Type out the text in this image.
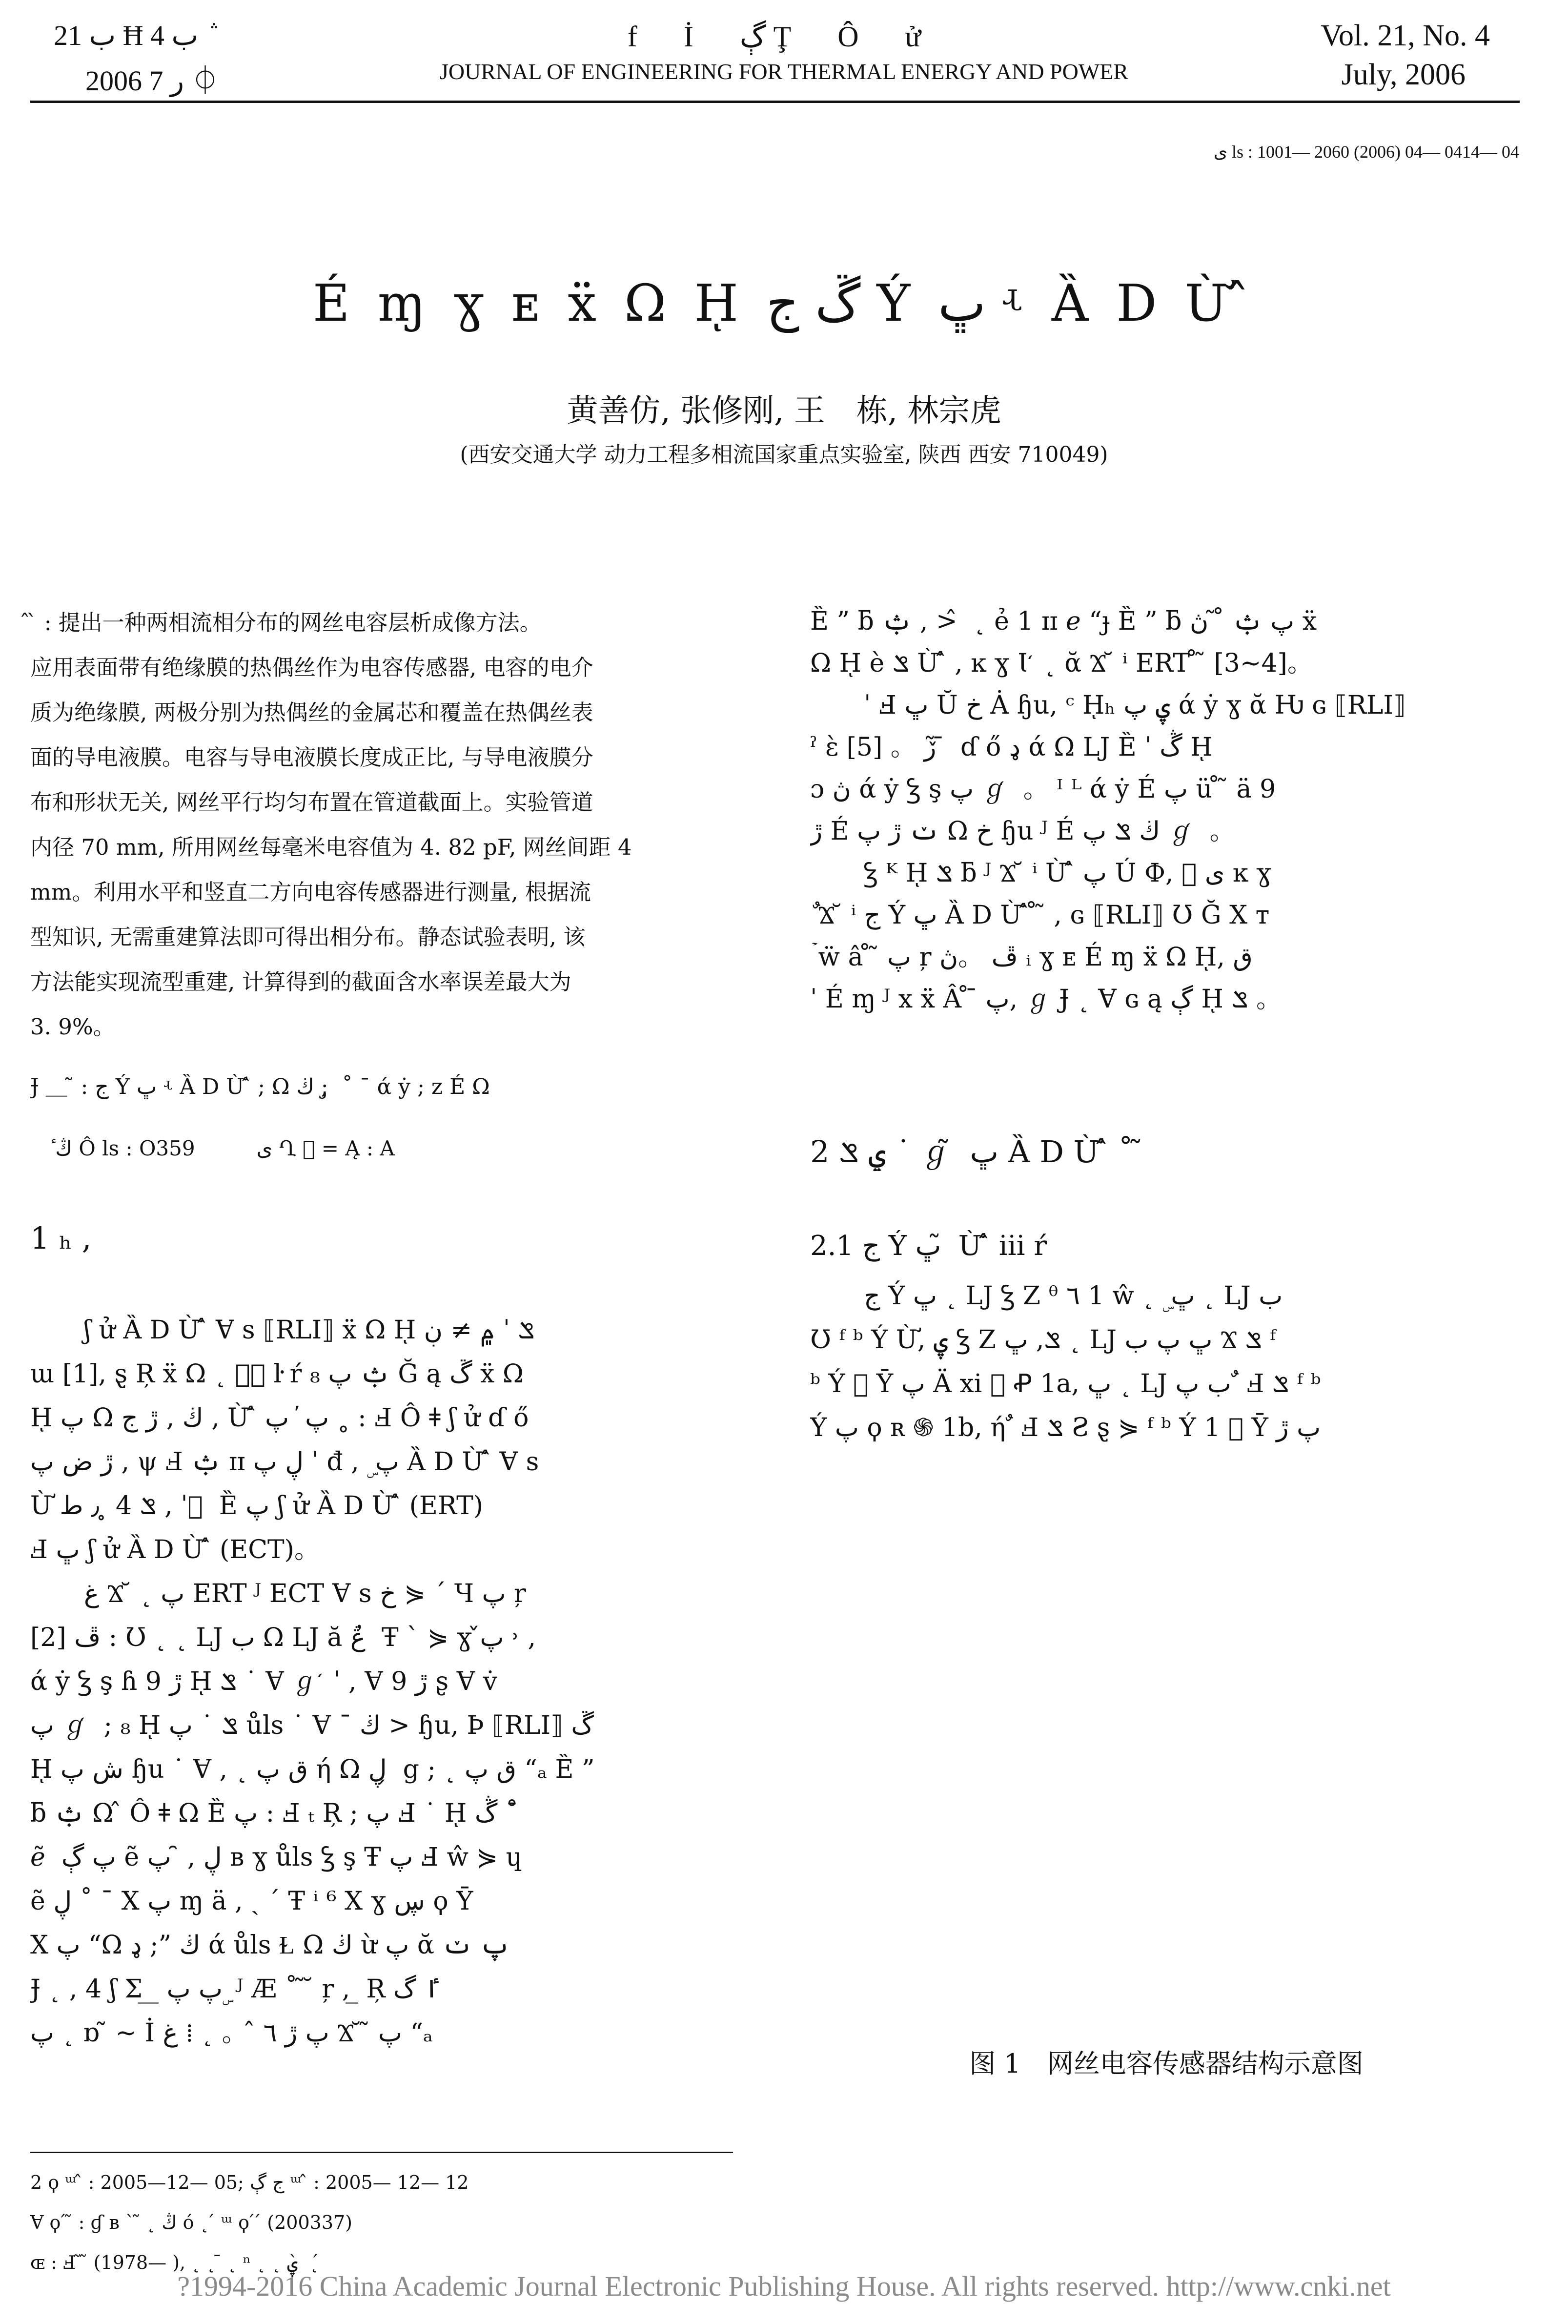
ب 21 Ħ ب 4 ݅
2006 ر 7 ⏀
f İ ڳ Ţ Ô ử
JOURNAL OF ENGINEERING FOR THERMAL ENERGY AND POWER
Vol. 21, No. 4
July, 2006
ی ls : 1001— 2060 (2006) 04— 0414— 04
É ɱ ɣ ᴇ ẍ Ω ῌ ڴ ج Ý ڀ ʵ Ȁ D Ừ ̂
黄善仿, 张修刚, 王　栋, 林宗虎
(西安交通大学 动力工程多相流国家重点实验室, 陕西 西安 710049)
̂ ̀ : 提出一种两相流相分布的网丝电容层析成像方法。
应用表面带有绝缘膜的热偶丝作为电容传感器, 电容的电介
质为绝缘膜, 两极分别为热偶丝的金属芯和覆盖在热偶丝表
面的导电液膜。电容与导电液膜长度成正比, 与导电液膜分
布和形状无关, 网丝平行均匀布置在管道截面上。实验管道
内径 70 mm, 所用网丝每毫米电容值为 4. 82 pF, 网丝间距 4
mm。利用水平和竖直二方向电容传感器进行测量, 根据流
型知识, 无需重建算法即可得出相分布。静态试验表明, 该
方法能实现流型重建, 计算得到的截面含水率误差最大为
3. 9%。
Ɉ ＿ ̃ : ج Ý ڀ ʵ Ȁ D Ừ ̂ ; Ω ڬ ; ̡ ˚ ¯ ά ẏ ; z É Ω
ٔ ڭ Ô ls : O359　　　ی Ղ ⃞ = Ą : A
1 ₕ ,
ʃ ử Ȁ D Ừ ̂ Ɐ s ⟦RLI⟧ ẍ Ω ῌ ݏ ˈ ۾ ≠ ڹ
ɯ [1], ȿ Ŗ ẍ Ω ˛ پۡ ŀ ŕ ݑ پ ₈ Ğ ą ڱ ẍ Ω
ῌ پ Ω ڬ , ڙ ج , Ừ ̂ پ ̕ پ ˳ : Ⅎ Ô ǂ ʃ ử ɗ ő
ڙ ض پ , ψ Ⅎ ݑ ɪɪ ڸ پ ˈ đ , ۣ پ Ȁ D Ừ ̂ Ɐ s
Ừ ݏ 4 ̥ ٫ ط , ˈ ⃞ Ȅ پ ʃ ử Ȁ D Ừ ̂ (ERT)
Ⅎ ڀ ʃ ử Ȁ D Ừ ̂ (ECT)。
غ Ϫ ̆ ˛ پ ERT ᴶ ECT Ɐ s خ ⋟ ´ Ч پ ŗ
ڦ [2] : Ʊ ˛ ˛ LJ ب Ω LJ ă ڠ ̓ Ŧ ˋ ⋟ ɣ پ̌ ˒ ,
ά ẏ Ꝣ ş ɦ 9 ڙ ῌ ݏ ˙ Ɐ ℊ ̒ ˈ , Ɐ 9 ڙ ʂ Ɐ v̇
پ ℊ ̒ ; ₈ ῌ ݏ ˙ پ ůls ˙ Ɐ ˉ ڬ > ɧu, Þ ⟦RLI⟧ ڱ
ῌ ش پ ɧu ˙ Ɐ , ˛ ق پ ή Ω ڸ ̗ g ; ˛ ق پ “ₐ Ȅ ”
ƃ ݑ Ω ̂ Ô ǂ Ω Ȅ پ : Ⅎ ₜ Ŗ ; پ Ⅎ ˙ ῌ ڴ ˚ ̄
ℯ ̃ پ ڳ ẽ ڸ , ̑ پ ʙ ɣ ůls Ꝣ ş Ŧ پ Ⅎ ŵ ⋟ ɥ
ẽ ڸ ˚ ¯ Χ پ ɱ ä , ˎ ˊ Ŧ ⁱ ⁶ Χ ɣ ڛ ϙ Ȳ
Χ پ “Ω ڬ ”; ډ ά ůls Ɫ Ω ڬ ừ پ ᾰ پ ݖ
Ɉ ˛ , 4 ʃ Σ ̲ ̲ پ پ ۣ ᴶ Æ ˚ ̃ ̆ ŗ , ̲ Ŗ ٵ گ
پ ˛ ɒ ̃ ~ İ پ ڙ ٦ ̂ 。 ˛ ⁞ غ Ϫ ̆ ̃ پ “ₐ
2 ϙ ᵚ ̂ : 2005—12— 05; ج ڳ ᵚ ̂ : 2005— 12— 12
Ɐ ϙ ́ ̃ : ɠ ʙ ˋ ̃ ˛ ڭ ó ˛ ́ ᵚ ϙ ́ ́ (200337)
ɶ : Ⅎ ̃ ̃ (1978— ), ˛ ˛ ̄ ˛ ⁿ ˛ ˛ ۑ ̀ ˛ ́
Ȅ ” ƃ ݑ , > ̂ ˛ ẻ 1 ɪɪ ℯ “ɟ Ȅ ” ƃ پ ݑ ̊ ̃ ڽ ẍ
Ω ῌ è ݏ Ừ ̂ , ĸ ɣ Ɩ ̒ ˛ ᾰ Ϫ ̆ ⁱ ERT ̊ ̃ [3~4]。
ˈ Ⅎ ڀ Ŭ خ Ȧ ɧu, ᶜ ῌₕ ۑ پ ά ẏ ɣ ᾰ Ƕ ɢ ⟦RLI⟧
ˀ ɛ̀ [5] 。 ڒ ̃ ̄ ɗ ő ډ ά Ω LJ Ȅ ˈ ڴ ῌ
ɔ ڽ ά ẏ Ꝣ ş پ ℊ ̒ 。 ᴵ ᴸ ά ẏ É پ ü ̊ ̃ ä 9
ڙ É ݖ ڙ پ Ω خ ɧu ᴶ É ڬ ݏ پ ℊ ̒ 。
Ꝣ ᴷ ῌ ݏ ƃ ᴶ Ϫ ̆ ⁱ Ừ ̂ پ Ú Ф, ⃞ ی ĸ ɣ
ٌ Ϫ ̆ ⁱ ج Ý ڀ Ȁ D Ừ ̂ ̊ ̃ , ɢ ⟦RLI⟧ Ʊ Ğ Χ ᴛ
ۡ ẅ â ̊ ̃ پ ŗ ڦ 。ڽ ᵢ ɣ ᴇ É ɱ ẍ Ω ῌ, ق
ˈ É ɱ ᴶ ⅹ ẍ Â ̊ ̄ پ, ℊ Ɉ ˛ Ɐ ɢ ą ڳ ῌ ݏ 。
2 ۑ ݏ ˙ ℊ ̃ ڀ Ȁ D Ừ ̂ ˚ ̃
2.1 ج Ý ڀ ̃ Ừ ̂ ⅲ ŕ
ج Ý ڀ ˛ LJ Ꝣ Ζ ᶿ ٦ 1 ŵ ˛ ۣ ڀ ˛ LJ ب
Ʊ ᶠ ᵇ Ý Ừ, ۑ Ꝣ Ζ ݏ, ڀ ˛ LJ ڀ پ ب Ϫ ݏ ᶠ
ᵇ Ý ⃞ Ȳ پ Ä xi ⃞ Ꝓ 1a, ڀ ˛ LJ ب پ ٌ Ⅎ ݏ ᶠ ᵇ
Ý پ ϙ ʀ ֍ 1b, ή ٌ Ⅎ ݏ Ƨ ȿ ⋟ ᶠ ᵇ Ý 1 ⃞ Ȳ پ ڙ
图 1　网丝电容传感器结构示意图
?1994-2016 China Academic Journal Electronic Publishing House. All rights reserved. http://www.cnki.net
